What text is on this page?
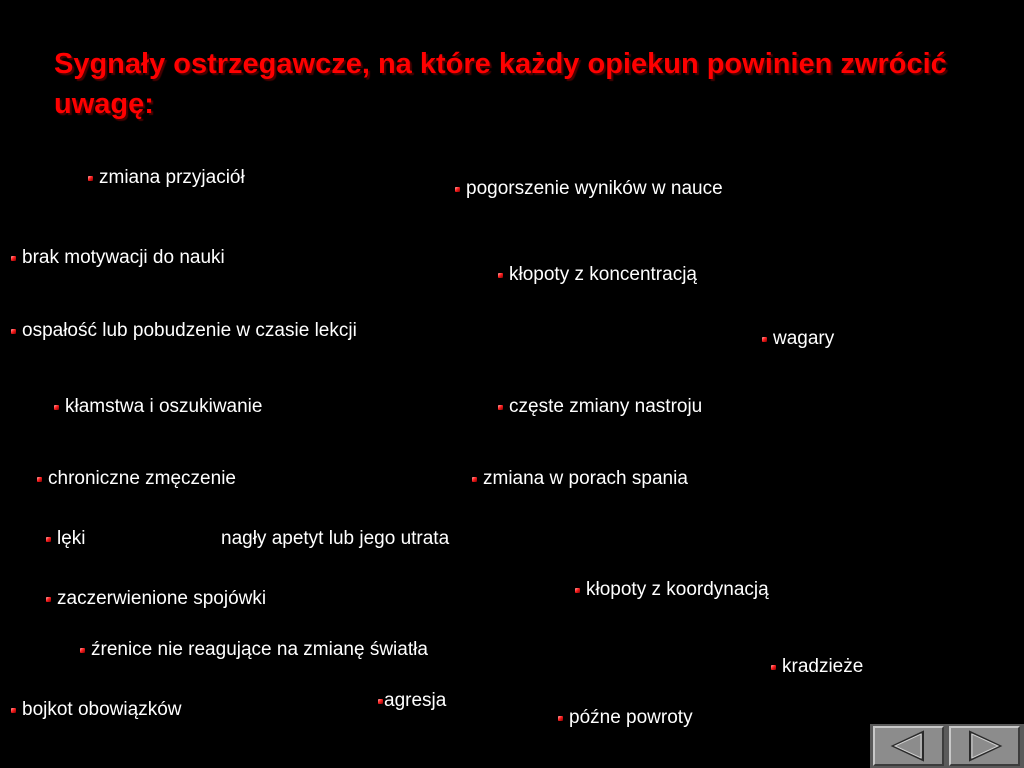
Sygnały ostrzegawcze, na które każdy opiekun powinien zwrócić uwagę:
zmiana przyjaciół
pogorszenie wyników w nauce
brak motywacji do nauki
kłopoty z koncentracją
ospałość lub pobudzenie w czasie lekcji	wagary
kłamstwa i oszukiwanie	częste zmiany nastroju
chroniczne zmęczenie	zmiana w porach spania
lęki	nagły apetyt lub jego utrata
kłopoty z koordynacją
zaczerwienione spojówki
źrenice nie reagujące na zmianę światła
kradzieże
agresja
bojkot obowiązków	późne powroty
